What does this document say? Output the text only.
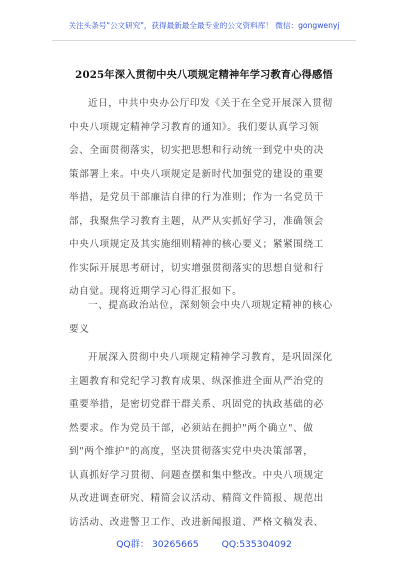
关注头条号"公文研究"，获得最新最全最专业的公文资料库！ 微信：gongwenyj
2025年深入贯彻中央八项规定精神年学习教育心得感悟
近日，中共中央办公厅印发《关于在全党开展深入贯彻
中央八项规定精神学习教育的通知》。我们要认真学习领
会、全面贯彻落实，切实把思想和行动统一到党中央的决
策部署上来。中央八项规定是新时代加强党的建设的重要
举措，是党员干部廉洁自律的行为准则；作为一名党员干
部，我聚焦学习教育主题，从严从实抓好学习，准确领会
中央八项规定及其实施细则精神的核心要义；紧紧围绕工
作实际开展思考研讨，切实增强贯彻落实的思想自觉和行
动自觉。现将近期学习心得汇报如下。
一、提高政治站位，深刻领会中央八项规定精神的核心
要义
开展深入贯彻中央八项规定精神学习教育，是巩固深化
主题教育和党纪学习教育成果、纵深推进全面从严治党的
重要举措，是密切党群干群关系、巩固党的执政基础的必
然要求。作为党员干部，必须站在拥护"两个确立"、做
到"两个维护"的高度，坚决贯彻落实党中央决策部署，
认真抓好学习贯彻、问题查摆和集中整改。中央八项规定
从改进调查研究、精简会议活动、精简文件简报、规范出
访活动、改进警卫工作、改进新闻报道、严格文稿发表、
QQ群： 30265665 QQ:535304092
